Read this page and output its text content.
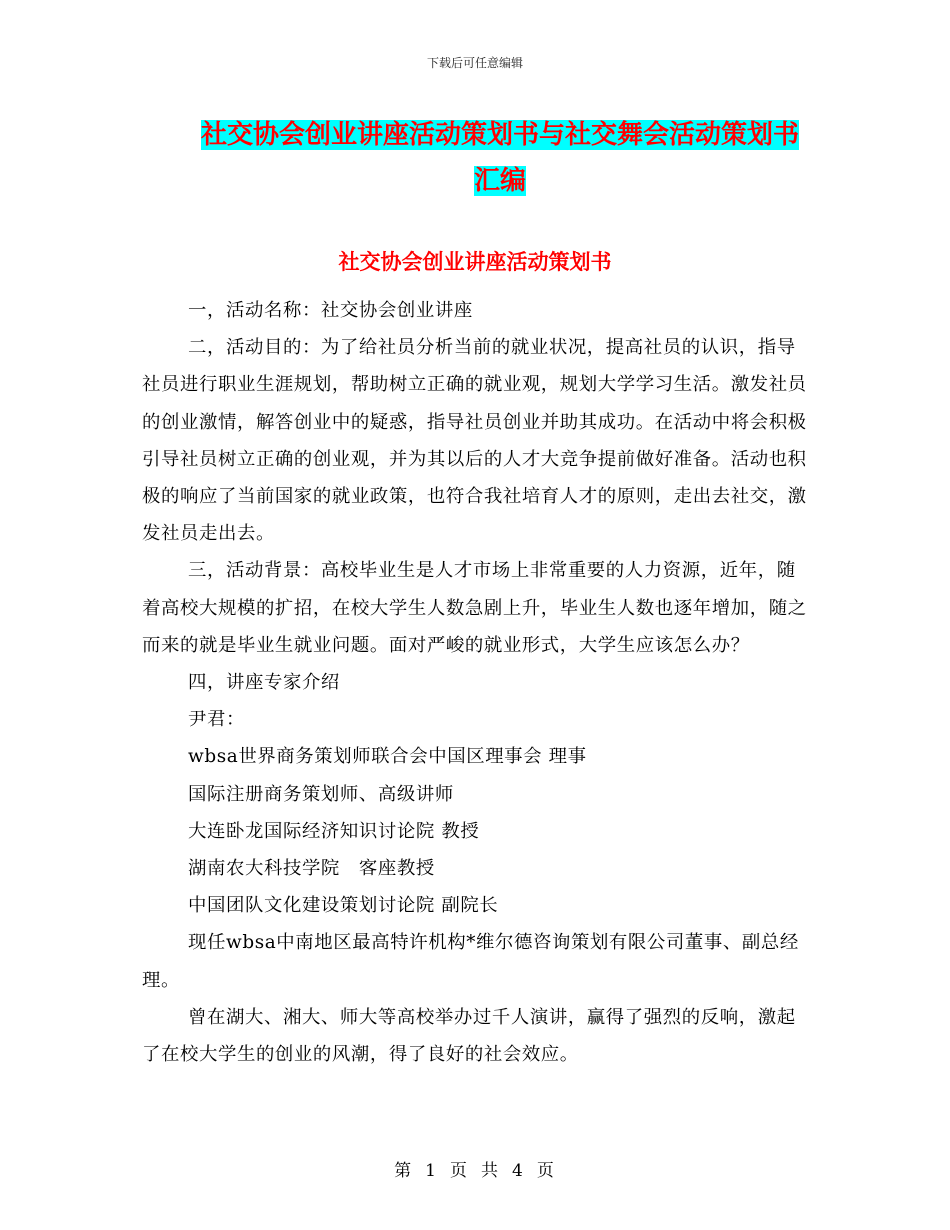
下载后可任意编辑
社交协会创业讲座活动策划书与社交舞会活动策划书
汇编
社交协会创业讲座活动策划书

一，活动名称：社交协会创业讲座

二，活动目的：为了给社员分析当前的就业状况，提高社员的认识，指导社员进行职业生涯规划，帮助树立正确的就业观，规划大学学习生活。激发社员的创业激情，解答创业中的疑惑，指导社员创业并助其成功。在活动中将会积极引导社员树立正确的创业观，并为其以后的人才大竞争提前做好准备。活动也积极的响应了当前国家的就业政策，也符合我社培育人才的原则，走出去社交，激发社员走出去。

三，活动背景：高校毕业生是人才市场上非常重要的人力资源，近年，随着高校大规模的扩招，在校大学生人数急剧上升，毕业生人数也逐年增加，随之而来的就是毕业生就业问题。面对严峻的就业形式，大学生应该怎么办？

四，讲座专家介绍

尹君：

wbsa世界商务策划师联合会中国区理事会 理事

国际注册商务策划师、高级讲师

大连卧龙国际经济知识讨论院 教授

湖南农大科技学院　客座教授

中国团队文化建设策划讨论院 副院长

现任wbsa中南地区最高特许机构*维尔德咨询策划有限公司董事、副总经理。

曾在湖大、湘大、师大等高校举办过千人演讲，赢得了强烈的反响，激起了在校大学生的创业的风潮，得了良好的社会效应。

第 1 页 共 4 页
